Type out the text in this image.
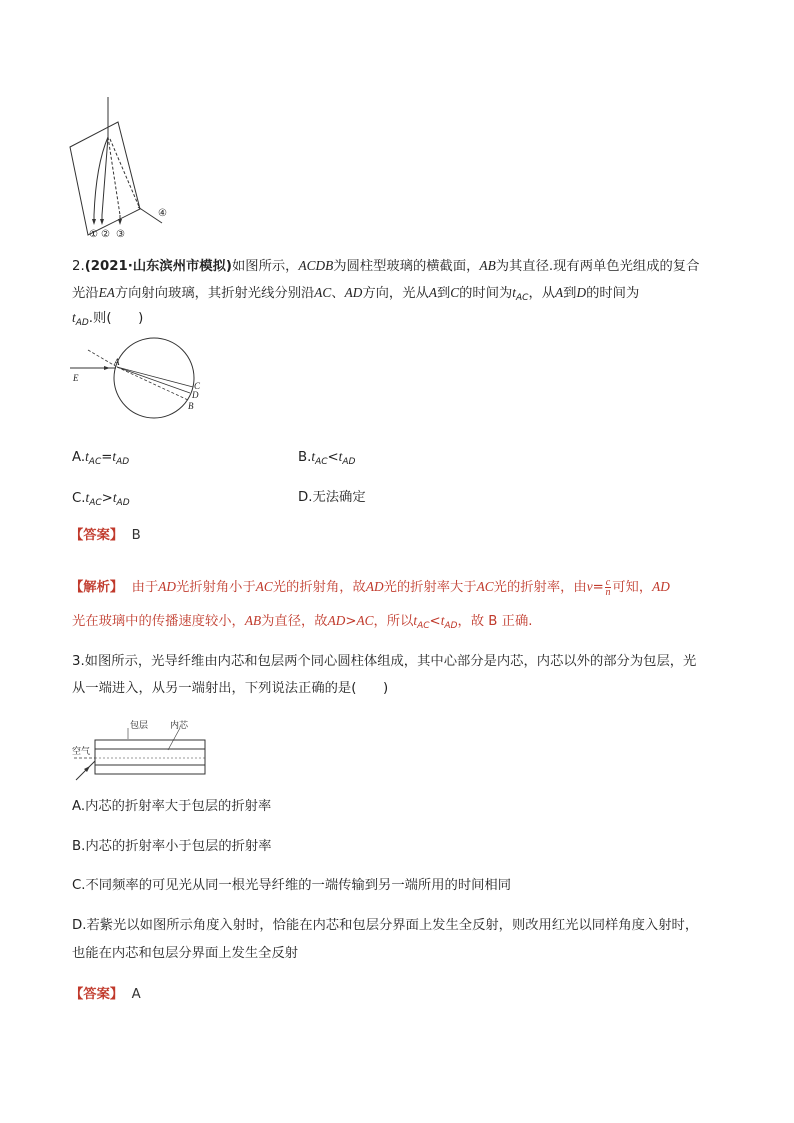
① ② ③
④
2.(2021·山东滨州市模拟)如图所示，ACDB为圆柱型玻璃的横截面，AB为其直径.现有两单色光组成的复合
光沿EA方向射向玻璃，其折射光线分别沿AC、AD方向，光从A到C的时间为$t_{AC}$，从A到D的时间为
$t_{AD}$.则(　　)
A
E
C
D
B
$A.t_{AC}=t_{AD}$	$B.t_{AC}<t_{AD}$
$C.t_{AC}>t_{AD}$	D.无法确定
【答案】 B
【解析】 由于AD光折射角小于AC光的折射角，故AD光的折射率大于AC光的折射率，由$v= \frac{c}{n}$ 可知，AD
光在玻璃中的传播速度较小，AB为直径，故AD>AC，所以$t_{AC}<t_{AD}$，故 B 正确.
3.如图所示，光导纤维由内芯和包层两个同心圆柱体组成，其中心部分是内芯，内芯以外的部分为包层，光
从一端进入，从另一端射出，下列说法正确的是(　　)
包层 内芯
空气
A.内芯的折射率大于包层的折射率
B.内芯的折射率小于包层的折射率
C.不同频率的可见光从同一根光导纤维的一端传输到另一端所用的时间相同
D.若紫光以如图所示角度入射时，恰能在内芯和包层分界面上发生全反射，则改用红光以同样角度入射时，
也能在内芯和包层分界面上发生全反射
【答案】 A
